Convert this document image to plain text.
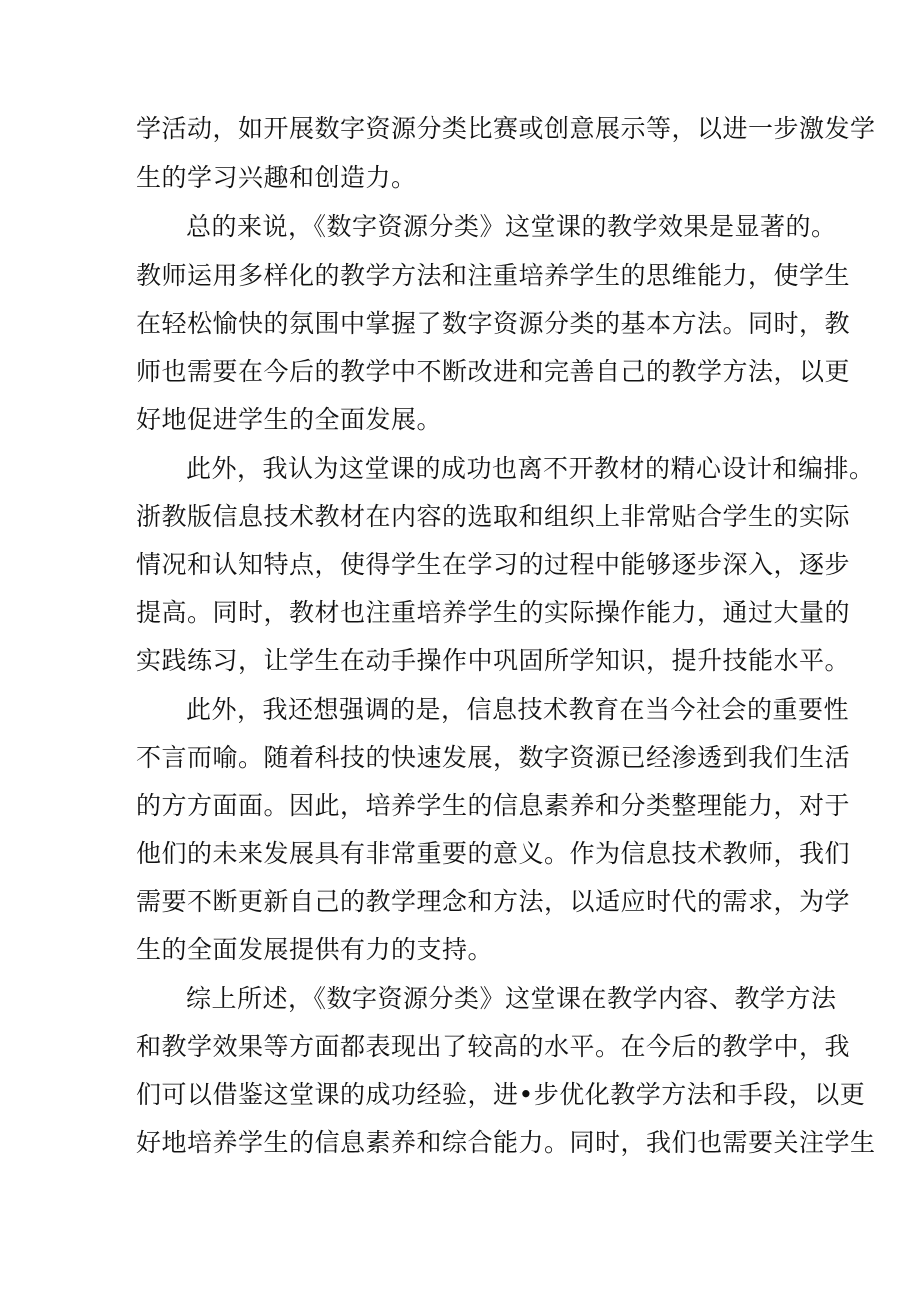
学活动，如开展数字资源分类比赛或创意展示等，以进一步激发学
生的学习兴趣和创造力。
总的来说，《数字资源分类》这堂课的教学效果是显著的。
教师运用多样化的教学方法和注重培养学生的思维能力，使学生
在轻松愉快的氛围中掌握了数字资源分类的基本方法。同时，教
师也需要在今后的教学中不断改进和完善自己的教学方法，以更
好地促进学生的全面发展。
此外，我认为这堂课的成功也离不开教材的精心设计和编排。
浙教版信息技术教材在内容的选取和组织上非常贴合学生的实际
情况和认知特点，使得学生在学习的过程中能够逐步深入，逐步
提高。同时，教材也注重培养学生的实际操作能力，通过大量的
实践练习，让学生在动手操作中巩固所学知识，提升技能水平。
此外，我还想强调的是，信息技术教育在当今社会的重要性
不言而喻。随着科技的快速发展，数字资源已经渗透到我们生活
的方方面面。因此，培养学生的信息素养和分类整理能力，对于
他们的未来发展具有非常重要的意义。作为信息技术教师，我们
需要不断更新自己的教学理念和方法，以适应时代的需求，为学
生的全面发展提供有力的支持。
综上所述，《数字资源分类》这堂课在教学内容、教学方法
和教学效果等方面都表现出了较高的水平。在今后的教学中，我
们可以借鉴这堂课的成功经验，进•步优化教学方法和手段，以更
好地培养学生的信息素养和综合能力。同时，我们也需要关注学生
